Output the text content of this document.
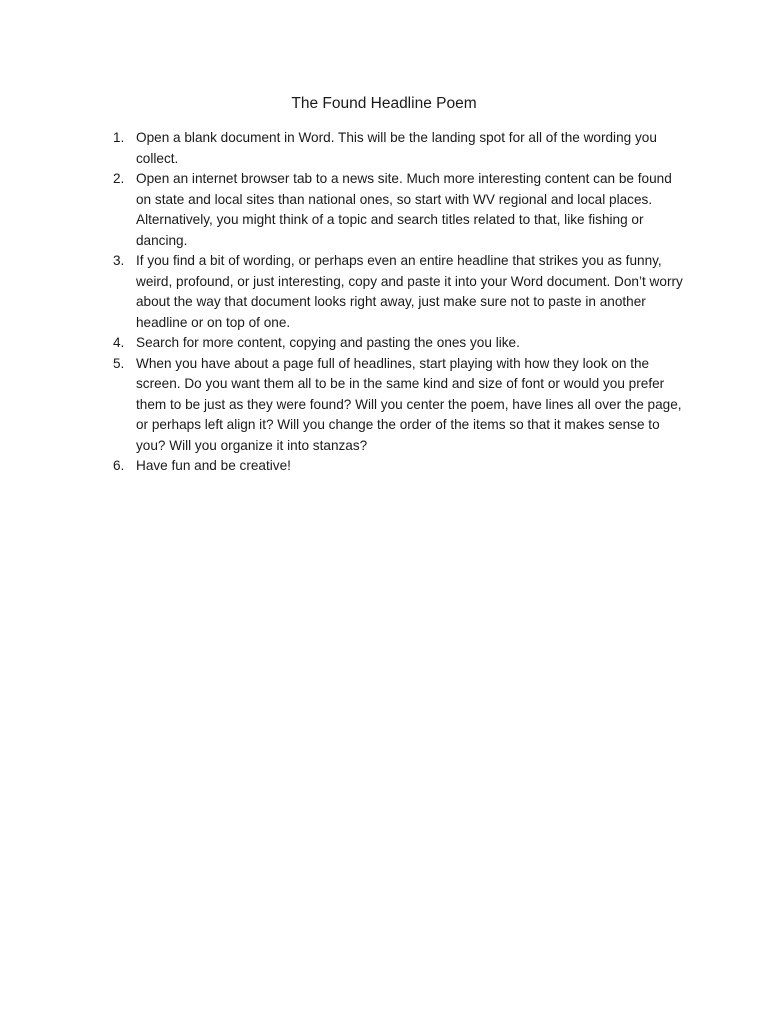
The Found Headline Poem
1. Open a blank document in Word. This will be the landing spot for all of the wording you collect.
2. Open an internet browser tab to a news site. Much more interesting content can be found on state and local sites than national ones, so start with WV regional and local places. Alternatively, you might think of a topic and search titles related to that, like fishing or dancing.
3. If you find a bit of wording, or perhaps even an entire headline that strikes you as funny, weird, profound, or just interesting, copy and paste it into your Word document. Don’t worry about the way that document looks right away, just make sure not to paste in another headline or on top of one.
4. Search for more content, copying and pasting the ones you like.
5. When you have about a page full of headlines, start playing with how they look on the screen. Do you want them all to be in the same kind and size of font or would you prefer them to be just as they were found? Will you center the poem, have lines all over the page, or perhaps left align it? Will you change the order of the items so that it makes sense to you? Will you organize it into stanzas?
6. Have fun and be creative!
